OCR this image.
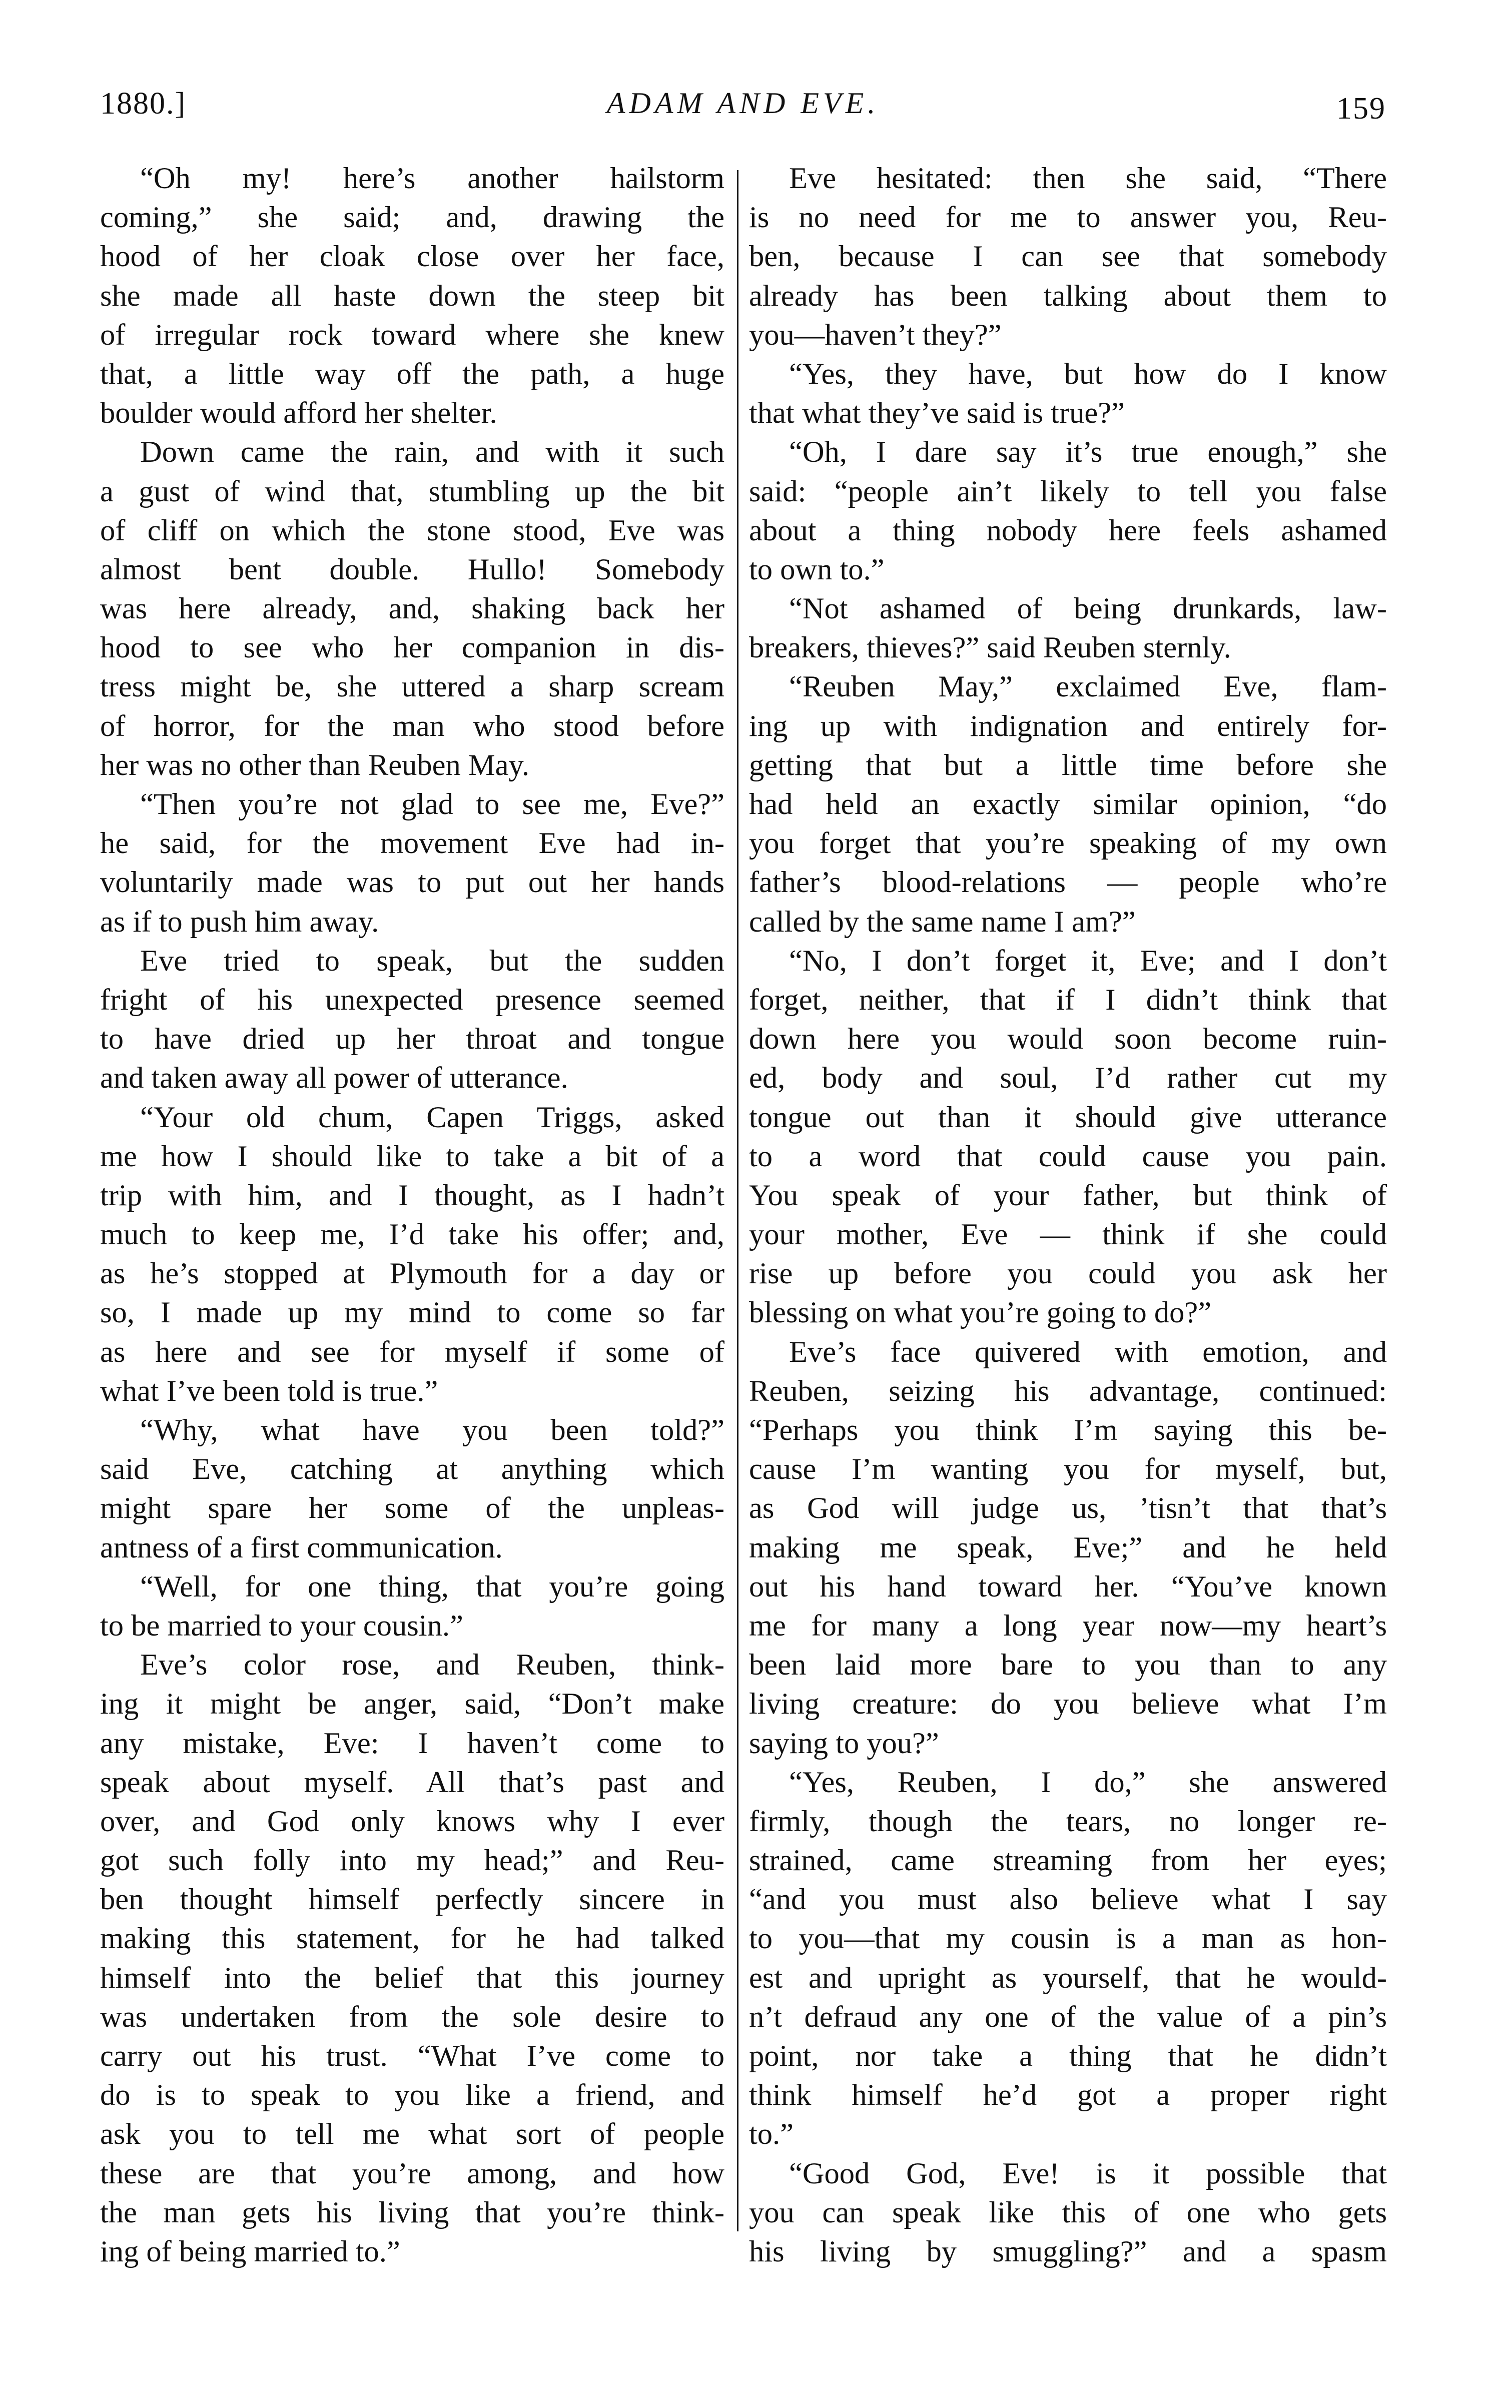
1880.]	ADAM AND EVE.	159
“Oh my! here’s another hailstorm
coming,” she said; and, drawing the
hood of her cloak close over her face,
she made all haste down the steep bit
of irregular rock toward where she knew
that, a little way off the path, a huge
boulder would afford her shelter.
Down came the rain, and with it such
a gust of wind that, stumbling up the bit
of cliff on which the stone stood, Eve was
almost bent double. Hullo! Somebody
was here already, and, shaking back her
hood to see who her companion in dis-
tress might be, she uttered a sharp scream
of horror, for the man who stood before
her was no other than Reuben May.
“Then you’re not glad to see me, Eve?”
he said, for the movement Eve had in-
voluntarily made was to put out her hands
as if to push him away.
Eve tried to speak, but the sudden
fright of his unexpected presence seemed
to have dried up her throat and tongue
and taken away all power of utterance.
“Your old chum, Capen Triggs, asked
me how I should like to take a bit of a
trip with him, and I thought, as I hadn’t
much to keep me, I’d take his offer; and,
as he’s stopped at Plymouth for a day or
so, I made up my mind to come so far
as here and see for myself if some of
what I’ve been told is true.”
“Why, what have you been told?”
said Eve, catching at anything which
might spare her some of the unpleas-
antness of a first communication.
“Well, for one thing, that you’re going
to be married to your cousin.”
Eve’s color rose, and Reuben, think-
ing it might be anger, said, “Don’t make
any mistake, Eve: I haven’t come to
speak about myself. All that’s past and
over, and God only knows why I ever
got such folly into my head;” and Reu-
ben thought himself perfectly sincere in
making this statement, for he had talked
himself into the belief that this journey
was undertaken from the sole desire to
carry out his trust. “What I’ve come to
do is to speak to you like a friend, and
ask you to tell me what sort of people
these are that you’re among, and how
the man gets his living that you’re think-
ing of being married to.”
Eve hesitated: then she said, “There
is no need for me to answer you, Reu-
ben, because I can see that somebody
already has been talking about them to
you—haven’t they?”
“Yes, they have, but how do I know
that what they’ve said is true?”
“Oh, I dare say it’s true enough,” she
said: “people ain’t likely to tell you false
about a thing nobody here feels ashamed
to own to.”
“Not ashamed of being drunkards, law-
breakers, thieves?” said Reuben sternly.
“Reuben May,” exclaimed Eve, flam-
ing up with indignation and entirely for-
getting that but a little time before she
had held an exactly similar opinion, “do
you forget that you’re speaking of my own
father’s blood-relations — people who’re
called by the same name I am?”
“No, I don’t forget it, Eve; and I don’t
forget, neither, that if I didn’t think that
down here you would soon become ruin-
ed, body and soul, I’d rather cut my
tongue out than it should give utterance
to a word that could cause you pain.
You speak of your father, but think of
your mother, Eve — think if she could
rise up before you could you ask her
blessing on what you’re going to do?”
Eve’s face quivered with emotion, and
Reuben, seizing his advantage, continued:
“Perhaps you think I’m saying this be-
cause I’m wanting you for myself, but,
as God will judge us, ’tisn’t that that’s
making me speak, Eve;” and he held
out his hand toward her. “You’ve known
me for many a long year now—my heart’s
been laid more bare to you than to any
living creature: do you believe what I’m
saying to you?”
“Yes, Reuben, I do,” she answered
firmly, though the tears, no longer re-
strained, came streaming from her eyes;
“and you must also believe what I say
to you—that my cousin is a man as hon-
est and upright as yourself, that he would-
n’t defraud any one of the value of a pin’s
point, nor take a thing that he didn’t
think himself he’d got a proper right
to.”
“Good God, Eve! is it possible that
you can speak like this of one who gets
his living by smuggling?” and a spasm
